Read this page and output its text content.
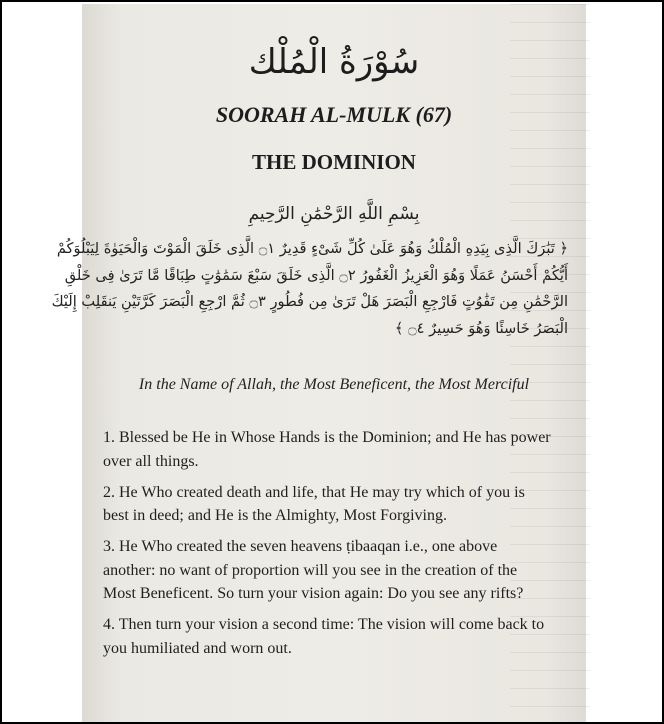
سُوْرَةُ الْمُلْك
SOORAH AL-MULK (67)
THE DOMINION
بِسْمِ اللَّهِ الرَّحْمَٰنِ الرَّحِيمِ
﴿ تَبَٰرَكَ الَّذِى بِيَدِهِ الْمُلْكُ وَهُوَ عَلَىٰ كُلِّ شَىْءٍ قَدِيرٌ ۝١ الَّذِى خَلَقَ الْمَوْتَ وَالْحَيَوٰةَ لِيَبْلُوَكُمْ
أَيُّكُمْ أَحْسَنُ عَمَلًا وَهُوَ الْعَزِيزُ الْغَفُورُ ۝٢ الَّذِى خَلَقَ سَبْعَ سَمَٰوَٰتٍ طِبَاقًا مَّا تَرَىٰ فِى خَلْقِ
الرَّحْمَٰنِ مِن تَفَٰوُتٍ فَارْجِعِ الْبَصَرَ هَلْ تَرَىٰ مِن فُطُورٍ ۝٣ ثُمَّ ارْجِعِ الْبَصَرَ كَرَّتَيْنِ يَنقَلِبْ إِلَيْكَ
الْبَصَرُ خَاسِئًا وَهُوَ حَسِيرٌ ۝٤ ﴾
In the Name of Allah, the Most Beneficent, the Most Merciful
1. Blessed be He in Whose Hands is the Dominion; and He has power
over all things.
2. He Who created death and life, that He may try which of you is
best in deed; and He is the Almighty, Most Forgiving.
3. He Who created the seven heavens ṭibaaqan i.e., one above
another: no want of proportion will you see in the creation of the
Most Beneficent. So turn your vision again: Do you see any rifts?
4. Then turn your vision a second time: The vision will come back to
you humiliated and worn out.
